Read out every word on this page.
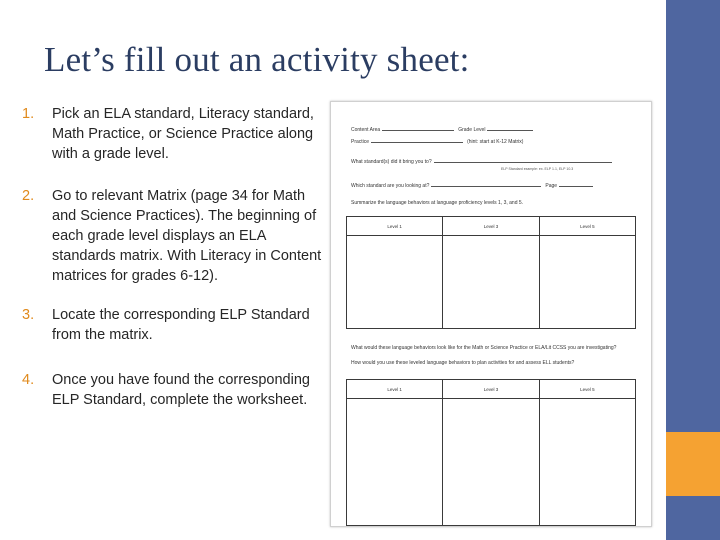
Let’s fill out an activity sheet:
1. Pick an ELA standard, Literacy standard, Math Practice, or Science Practice along with a grade level.
2. Go to relevant Matrix (page 34 for Math and Science Practices). The beginning of each grade level displays an ELA standards matrix. With Literacy in Content matrices for grades 6-12).
3. Locate the corresponding ELP Standard from the matrix.
4. Once you have found the corresponding ELP Standard, complete the worksheet.
Content Area	Grade Level
Practice	(hint: start at K-12 Matrix)
What standard(s) did it bring you to?
ELP Standard example: ex. ELP 1.1, ELP 10.3
Which standard are you looking at?	Page
Summarize the language behaviors at language proficiency levels 1, 3, and 5.
Level 1	Level 3	Level 5

What would these language behaviors look like for the Math or Science Practice or ELA/Lit CCSS you are investigating?
How would you use these leveled language behaviors to plan activities for and assess ELL students?
Level 1	Level 3	Level 5
